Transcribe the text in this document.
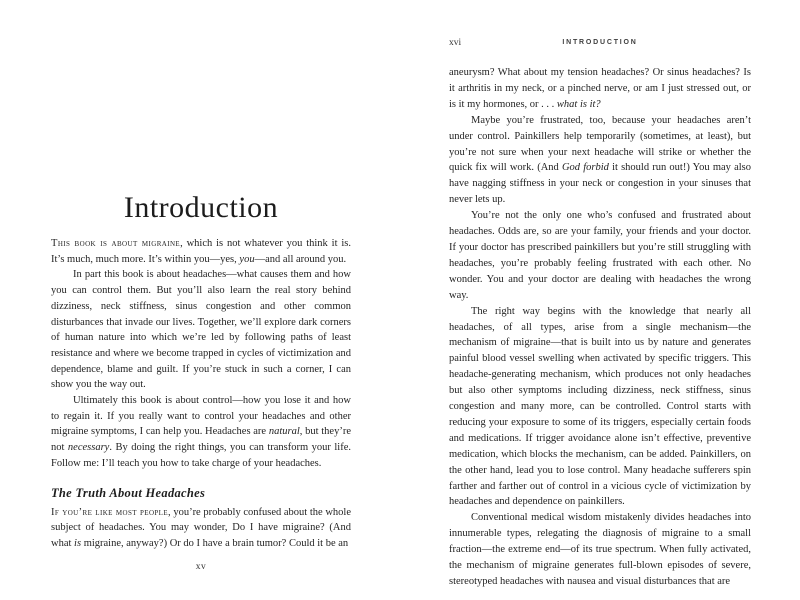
Introduction

This book is about migraine, which is not whatever you think it is. It’s much, much more. It’s within you—yes, you—and all around you.

In part this book is about headaches—what causes them and how you can control them. But you’ll also learn the real story behind dizziness, neck stiffness, sinus congestion and other common disturbances that invade our lives. Together, we’ll explore dark corners of human nature into which we’re led by following paths of least resistance and where we become trapped in cycles of victimization and dependence, blame and guilt. If you’re stuck in such a corner, I can show you the way out.

Ultimately this book is about control—how you lose it and how to regain it. If you really want to control your headaches and other migraine symptoms, I can help you. Headaches are natural, but they’re not necessary. By doing the right things, you can transform your life. Follow me: I’ll teach you how to take charge of your headaches.

The Truth About Headaches

If you’re like most people, you’re probably confused about the whole subject of headaches. You may wonder, Do I have migraine? (And what is migraine, anyway?) Or do I have a brain tumor? Could it be an

xv
xvi	INTRODUCTION

aneurysm? What about my tension headaches? Or sinus headaches? Is it arthritis in my neck, or a pinched nerve, or am I just stressed out, or is it my hormones, or . . . what is it?

Maybe you’re frustrated, too, because your headaches aren’t under control. Painkillers help temporarily (sometimes, at least), but you’re not sure when your next headache will strike or whether the quick fix will work. (And God forbid it should run out!) You may also have nagging stiffness in your neck or congestion in your sinuses that never lets up.

You’re not the only one who’s confused and frustrated about headaches. Odds are, so are your family, your friends and your doctor. If your doctor has prescribed painkillers but you’re still struggling with headaches, you’re probably feeling frustrated with each other. No wonder. You and your doctor are dealing with headaches the wrong way.

The right way begins with the knowledge that nearly all headaches, of all types, arise from a single mechanism—the mechanism of migraine—that is built into us by nature and generates painful blood vessel swelling when activated by specific triggers. This headache-generating mechanism, which produces not only headaches but also other symptoms including dizziness, neck stiffness, sinus congestion and many more, can be controlled. Control starts with reducing your exposure to some of its triggers, especially certain foods and medications. If trigger avoidance alone isn’t effective, preventive medication, which blocks the mechanism, can be added. Painkillers, on the other hand, lead you to lose control. Many headache sufferers spin farther and farther out of control in a vicious cycle of victimization by headaches and dependence on painkillers.

Conventional medical wisdom mistakenly divides headaches into innumerable types, relegating the diagnosis of migraine to a small fraction—the extreme end—of its true spectrum. When fully activated, the mechanism of migraine generates full-blown episodes of severe, stereotyped headaches with nausea and visual disturbances that are
